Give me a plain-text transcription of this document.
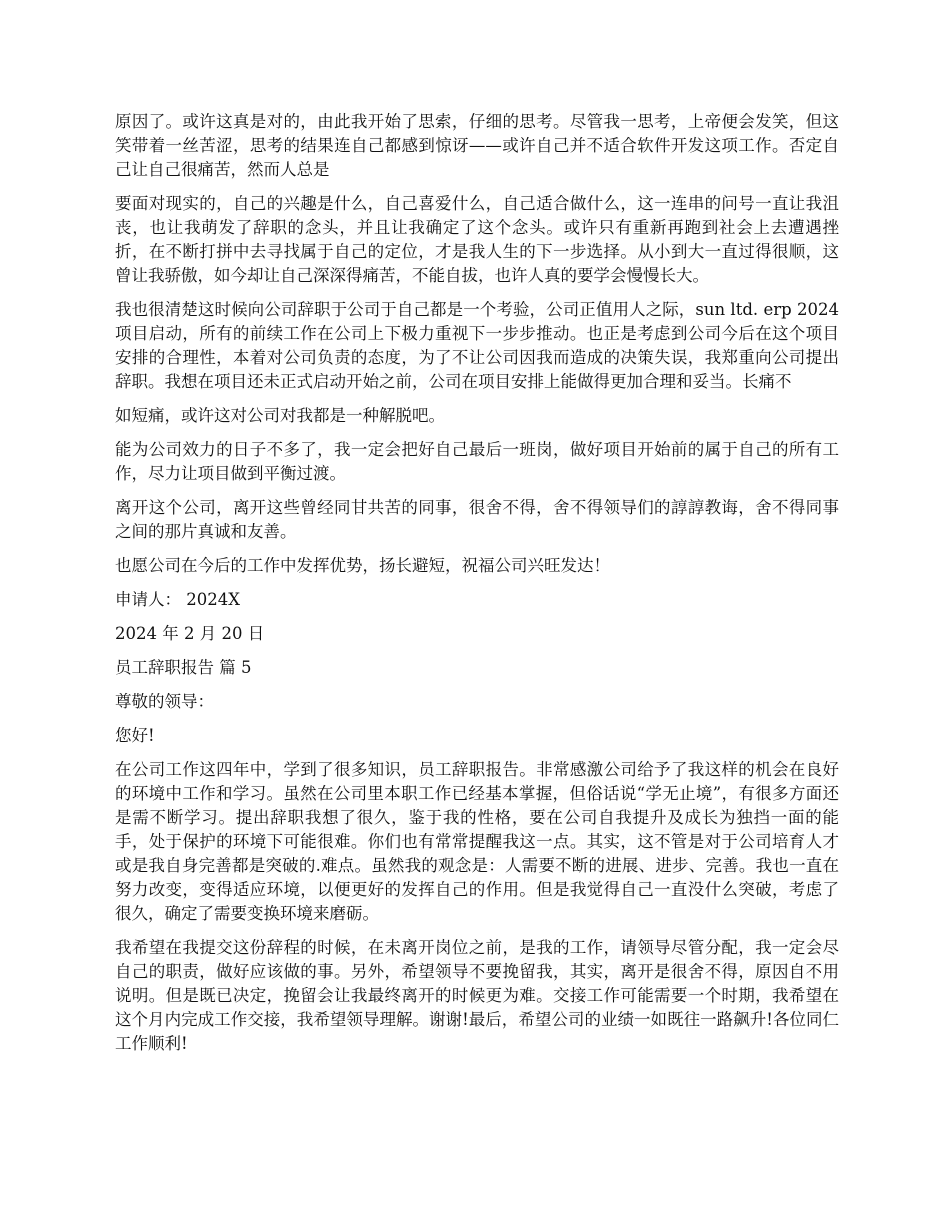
原因了。或许这真是对的，由此我开始了思索，仔细的思考。尽管我一思考，上帝便会发笑，但这笑带着一丝苦涩，思考的结果连自己都感到惊讶——或许自己并不适合软件开发这项工作。否定自己让自己很痛苦，然而人总是

要面对现实的，自己的兴趣是什么，自己喜爱什么，自己适合做什么，这一连串的问号一直让我沮丧，也让我萌发了辞职的念头，并且让我确定了这个念头。或许只有重新再跑到社会上去遭遇挫折，在不断打拼中去寻找属于自己的定位，才是我人生的下一步选择。从小到大一直过得很顺，这曾让我骄傲，如今却让自己深深得痛苦，不能自拔，也许人真的要学会慢慢长大。

我也很清楚这时候向公司辞职于公司于自己都是一个考验，公司正值用人之际，sun ltd. erp 2024 项目启动，所有的前续工作在公司上下极力重视下一步步推动。也正是考虑到公司今后在这个项目安排的合理性，本着对公司负责的态度，为了不让公司因我而造成的决策失误，我郑重向公司提出辞职。我想在项目还未正式启动开始之前，公司在项目安排上能做得更加合理和妥当。长痛不

如短痛，或许这对公司对我都是一种解脱吧。

能为公司效力的日子不多了，我一定会把好自己最后一班岗，做好项目开始前的属于自己的所有工作，尽力让项目做到平衡过渡。

离开这个公司，离开这些曾经同甘共苦的同事，很舍不得，舍不得领导们的諄諄教诲，舍不得同事之间的那片真诚和友善。

也愿公司在今后的工作中发挥优势，扬长避短，祝福公司兴旺发达！

申请人： 2024X

2024 年 2 月 20 日

员工辞职报告 篇 5

尊敬的领导：

您好!

在公司工作这四年中，学到了很多知识，员工辞职报告。非常感激公司给予了我这样的机会在良好的环境中工作和学习。虽然在公司里本职工作已经基本掌握，但俗话说“学无止境”，有很多方面还是需不断学习。提出辞职我想了很久，鉴于我的性格，要在公司自我提升及成长为独挡一面的能手，处于保护的环境下可能很难。你们也有常常提醒我这一点。其实，这不管是对于公司培育人才或是我自身完善都是突破的.难点。虽然我的观念是：人需要不断的进展、进步、完善。我也一直在努力改变，变得适应环境，以便更好的发挥自己的作用。但是我觉得自己一直没什么突破，考虑了很久，确定了需要变换环境来磨砺。

我希望在我提交这份辞程的时候，在未离开岗位之前，是我的工作，请领导尽管分配，我一定会尽自己的职责，做好应该做的事。另外，希望领导不要挽留我，其实，离开是很舍不得，原因自不用说明。但是既已决定，挽留会让我最终离开的时候更为难。交接工作可能需要一个时期，我希望在这个月内完成工作交接，我希望领导理解。谢谢!最后，希望公司的业绩一如既往一路飙升!各位同仁工作顺利!
